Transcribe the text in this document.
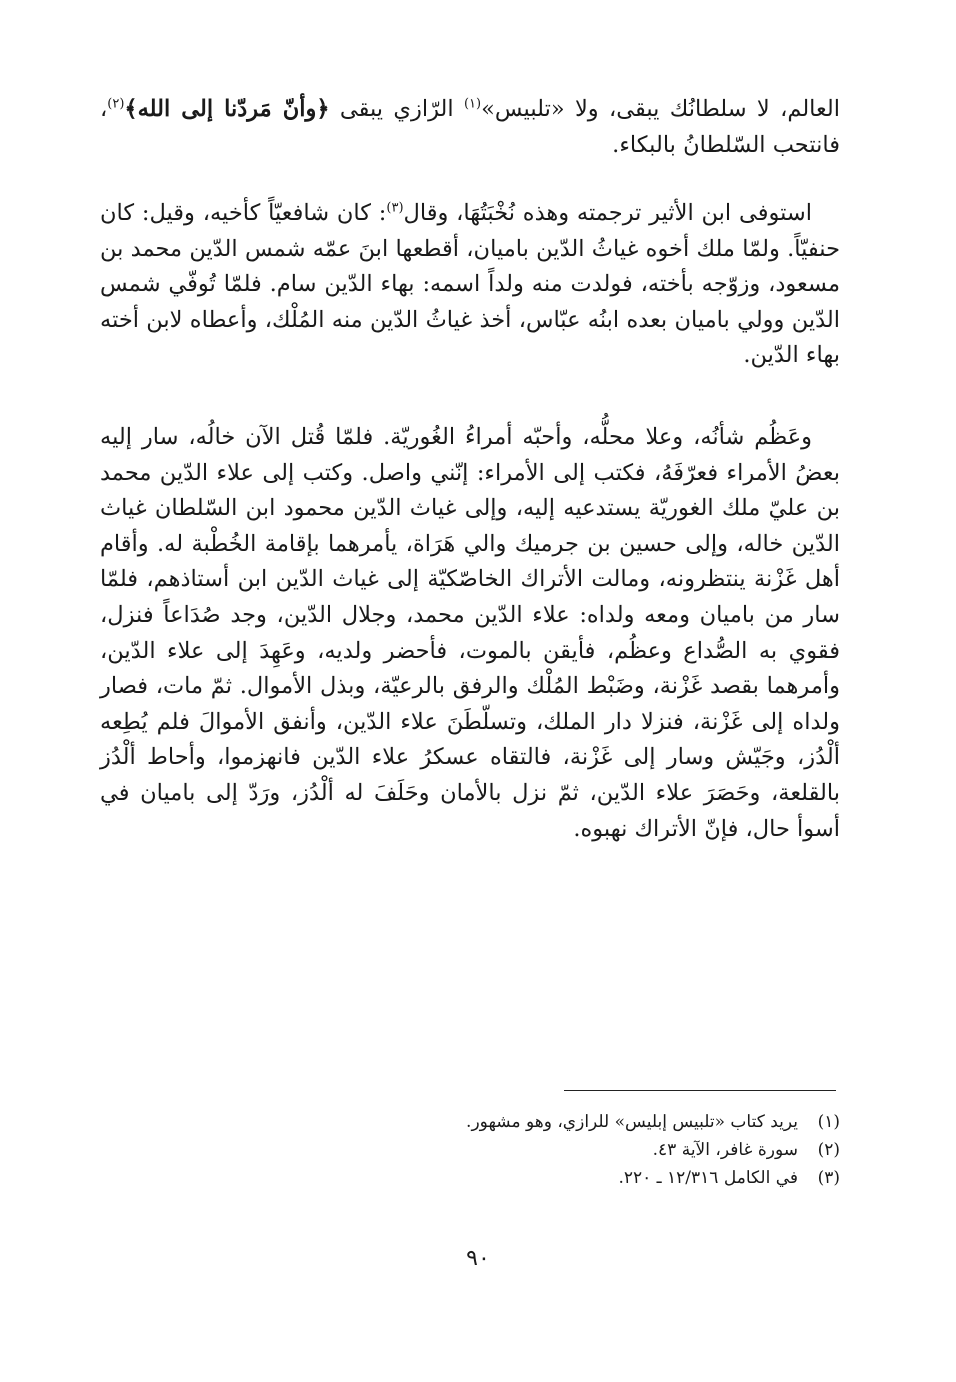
العالم، لا سلطانُك يبقى، ولا «تلبيس»$^{(١)}$ الرّازي يبقى ﴿وأنّ مَردّنا إلى الله﴾$^{(٢)}$، فانتحب السّلطانُ بالبكاء.

استوفى ابن الأثير ترجمته وهذه نُخْبَتُهَا، وقال$^{(٣)}$: كان شافعيّاً كأخيه، وقيل: كان حنفيّاً. ولمّا ملك أخوه غياثُ الدّين باميان، أقطعها ابنَ عمّه شمس الدّين محمد بن مسعود، وزوّجه بأخته، فولدت منه ولداً اسمه: بهاء الدّين سام. فلمّا تُوفّي شمس الدّين وولي باميان بعده ابنُه عبّاس، أخذ غياثُ الدّين منه المُلْك، وأعطاه لابن أخته بهاء الدّين.

وعَظُم شأنُه، وعلا محلُّه، وأحبّه أمراءُ الغُوريّة. فلمّا قُتل الآن خالُه، سار إليه بعضُ الأمراء فعرّفَهُ، فكتب إلى الأمراء: إنّني واصل. وكتب إلى علاء الدّين محمد بن عليّ ملك الغوريّة يستدعيه إليه، وإلى غياث الدّين محمود ابن السّلطان غياث الدّين خاله، وإلى حسين بن جرميك والي هَرَاة، يأمرهما بإقامة الخُطْبة له. وأقام أهل غَزْنة ينتظرونه، ومالت الأتراك الخاصّكيّة إلى غياث الدّين ابن أستاذهم، فلمّا سار من باميان ومعه ولداه: علاء الدّين محمد، وجلال الدّين، وجد صُدَاعاً فنزل، فقوي به الصُّداع وعظُم، فأيقن بالموت، فأحضر ولديه، وعَهِدَ إلى علاء الدّين، وأمرهما بقصد غَزْنة، وضَبْط المُلْك والرفق بالرعيّة، وبذل الأموال. ثمّ مات، فصار ولداه إلى غَزْنة، فنزلا دار الملك، وتسلّطَنَ علاء الدّين، وأنفق الأموالَ فلم يُطِعه ألْدُز، وجَيّش وسار إلى غَزْنة، فالتقاه عسكرُ علاء الدّين فانهزموا، وأحاط ألْدُز بالقلعة، وحَصَرَ علاء الدّين، ثمّ نزل بالأمان وحَلَفَ له ألْدُز، ورَدّ إلى باميان في أسوأ حال، فإنّ الأتراك نهبوه.

(١)
يريد كتاب «تلبيس إبليس» للرازي، وهو مشهور.
(٢)
سورة غافر، الآية ٤٣.
(٣)
في الكامل ١٢/٣١٦ ـ ٢٢٠.
٩٠
